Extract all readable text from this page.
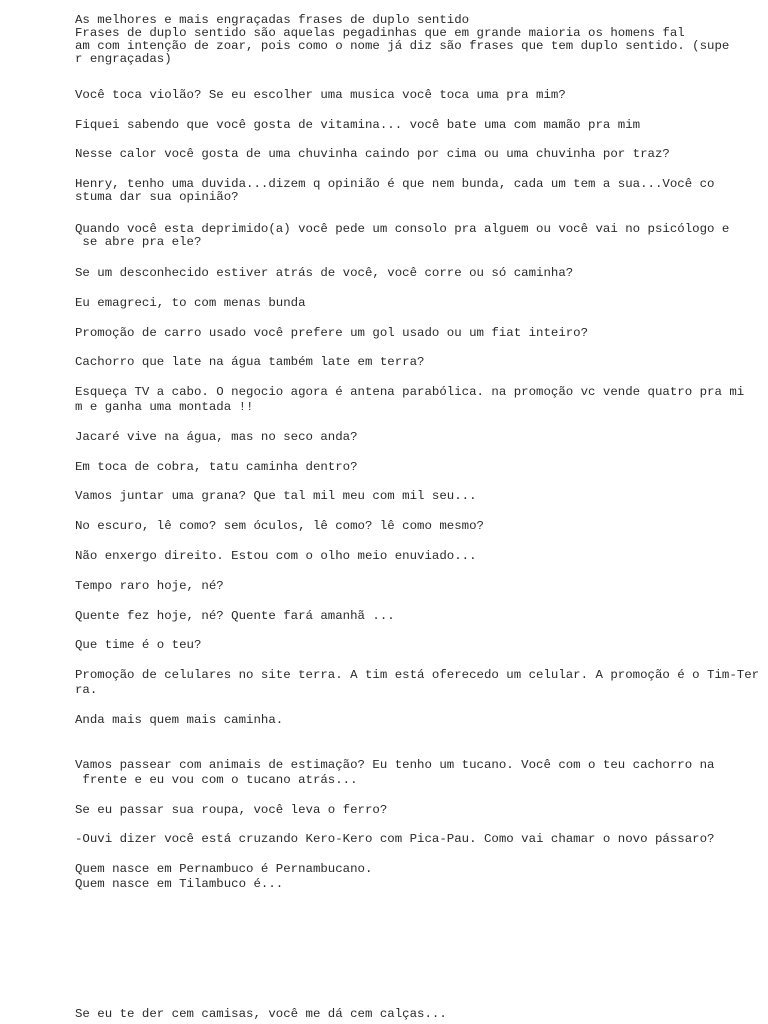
As melhores e mais engraçadas frases de duplo sentido
Frases de duplo sentido são aquelas pegadinhas que em grande maioria os homens fal
am com intenção de zoar, pois como o nome já diz são frases que tem duplo sentido. (supe
r engraçadas)
Você toca violão? Se eu escolher uma musica você toca uma pra mim?
Fiquei sabendo que você gosta de vitamina... você bate uma com mamão pra mim
Nesse calor você gosta de uma chuvinha caindo por cima ou uma chuvinha por traz?
Henry, tenho uma duvida...dizem q opinião é que nem bunda, cada um tem a sua...Você co
stuma dar sua opinião?
Quando você esta deprimido(a) você pede um consolo pra alguem ou você vai no psicólogo e
se abre pra ele?
Se um desconhecido estiver atrás de você, você corre ou só caminha?
Eu emagreci, to com menas bunda
Promoção de carro usado você prefere um gol usado ou um fiat inteiro?
Cachorro que late na água também late em terra?
Esqueça TV a cabo. O negocio agora é antena parabólica. na promoção vc vende quatro pra mi
m e ganha uma montada !!
Jacaré vive na água, mas no seco anda?
Em toca de cobra, tatu caminha dentro?
Vamos juntar uma grana? Que tal mil meu com mil seu...
No escuro, lê como? sem óculos, lê como? lê como mesmo?
Não enxergo direito. Estou com o olho meio enuviado...
Tempo raro hoje, né?
Quente fez hoje, né? Quente fará amanhã ...
Que time é o teu?
Promoção de celulares no site terra. A tim está oferecedo um celular. A promoção é o Tim-Ter
ra.
Anda mais quem mais caminha.
Vamos passear com animais de estimação? Eu tenho um tucano. Você com o teu cachorro na
frente e eu vou com o tucano atrás...
Se eu passar sua roupa, você leva o ferro?
-Ouvi dizer você está cruzando Kero-Kero com Pica-Pau. Como vai chamar o novo pássaro?
Quem nasce em Pernambuco é Pernambucano.
Quem nasce em Tilambuco é...
Se eu te der cem camisas, você me dá cem calças...
